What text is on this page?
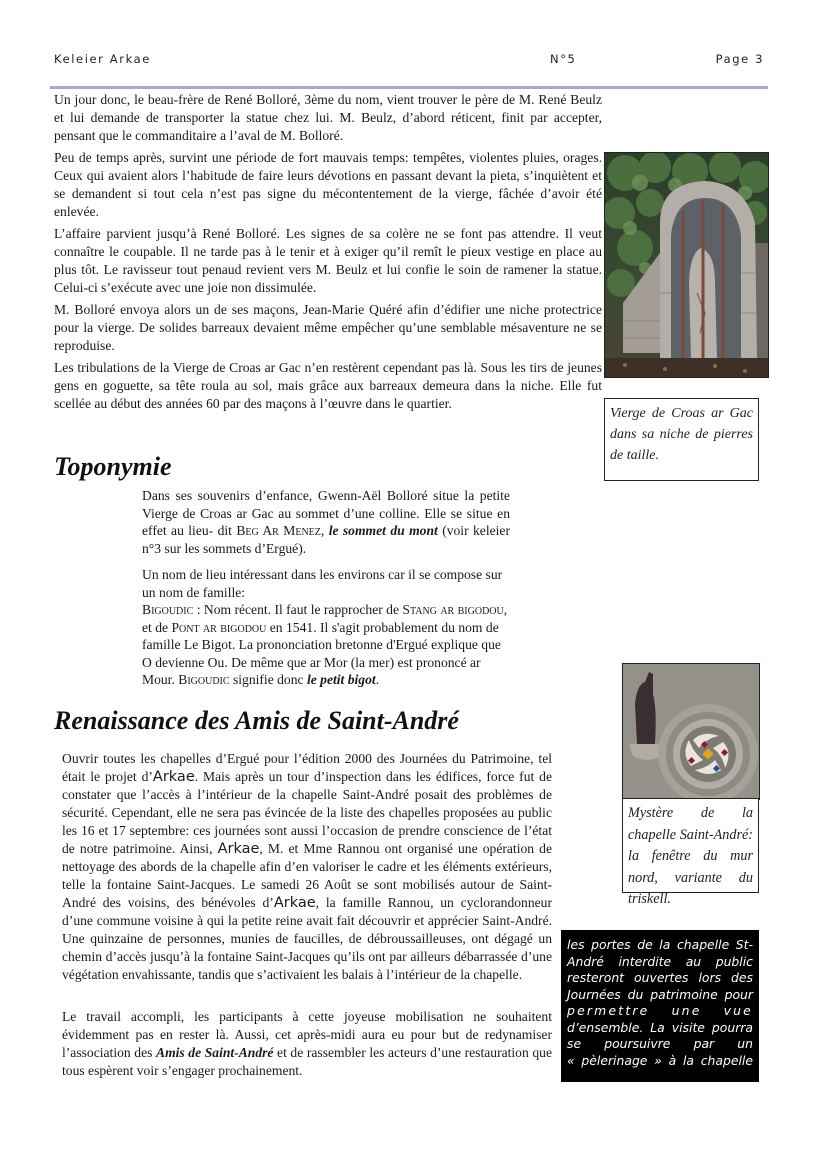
Keleier Arkae	N°5	Page 3

Un jour donc, le beau-frère de René Bolloré, 3ème du nom, vient trouver le père de M. René Beulz et lui demande de transporter la statue chez lui. M. Beulz, d’abord réticent, finit par accepter, pensant que le commanditaire a l’aval de M. Bolloré.

Peu de temps après, survint une période de fort mauvais temps: tempêtes, violentes pluies, orages. Ceux qui avaient alors l’habitude de faire leurs dévotions en passant devant la pieta, s’inquiètent et se demandent si tout cela n’est pas signe du mécontentement de la vierge, fâchée d’avoir été enlevée.

L’affaire parvient jusqu’à René Bolloré. Les signes de sa colère ne se font pas attendre. Il veut connaître le coupable. Il ne tarde pas à le tenir et à exiger qu’il remît le pieux vestige en place au plus tôt. Le ravisseur tout penaud revient vers M. Beulz et lui confie le soin de ramener la statue. Celui-ci s’exécute avec une joie non dissimulée.

M. Bolloré envoya alors un de ses maçons, Jean-Marie Quéré afin d’édifier une niche protectrice pour la vierge. De solides barreaux devaient même empêcher qu’une semblable mésaventure ne se reproduise.

Les tribulations de la Vierge de Croas ar Gac n’en restèrent cependant pas là. Sous les tirs de jeunes gens en goguette, sa tête roula au sol, mais grâce aux barreaux demeura dans la niche. Elle fut scellée au début des années 60 par des maçons à l’œuvre dans le quartier.

Vierge de Croas ar Gac dans sa niche de pierres de taille.
Toponymie

Dans ses souvenirs d’enfance, Gwenn-Aël Bolloré situe la petite Vierge de Croas ar Gac au sommet d’une colline. Elle se situe en effet au lieu- dit Beg Ar Menez, le sommet du mont (voir keleier n°3 sur les sommets d’Ergué).

Un nom de lieu intéressant dans les environs car il se compose sur un nom de famille:
Bigoudic : Nom récent. Il faut le rapprocher de Stang ar bigodou, et de Pont ar bigodou en 1541. Il s'agit probablement du nom de famille Le Bigot. La prononciation bretonne d'Ergué explique que O devienne Ou. De même que ar Mor (la mer) est prononcé ar Mour. Bigoudic signifie donc le petit bigot.

Mystère de la chapelle Saint-André: la fenêtre du mur nord, variante du triskell.
Renaissance des Amis de Saint-André

Ouvrir toutes les chapelles d’Ergué pour l’édition 2000 des Journées du Patrimoine, tel était le projet d’Arkae. Mais après un tour d’inspection dans les édifices, force fut de constater que l’accès à l’intérieur de la chapelle Saint-André posait des problèmes de sécurité. Cependant, elle ne sera pas évincée de la liste des chapelles proposées au public les 16 et 17 septembre: ces journées sont aussi l’occasion de prendre conscience de l’état de notre patrimoine. Ainsi, Arkae, M. et Mme Rannou ont organisé une opération de nettoyage des abords de la chapelle afin d’en valoriser le cadre et les éléments extérieurs, telle la fontaine Saint-Jacques. Le samedi 26 Août se sont mobilisés autour de Saint-André des voisins, des bénévoles d’Arkae, la famille Rannou, un cyclorandonneur d’une commune voisine à qui la petite reine avait fait découvrir et apprécier Saint-André. Une quinzaine de personnes, munies de faucilles, de débroussailleuses, ont dégagé un chemin d’accès jusqu’à la fontaine Saint-Jacques qu’ils ont par ailleurs débarrassée d’une végétation envahissante, tandis que s’activaient les balais à l’intérieur de la chapelle.

Le travail accompli, les participants à cette joyeuse mobilisation ne souhaitent évidemment pas en rester là. Aussi, cet après-midi aura eu pour but de redynamiser l’association des Amis de Saint-André et de rassembler les acteurs d’une restauration que tous espèrent voir s’engager prochainement.

les portes de la chapelle St-
André interdite au public
resteront ouvertes lors des
Journées du patrimoine pour
permettre une vue
d’ensemble. La visite pourra
se poursuivre par un
« pèlerinage » à la chapelle
